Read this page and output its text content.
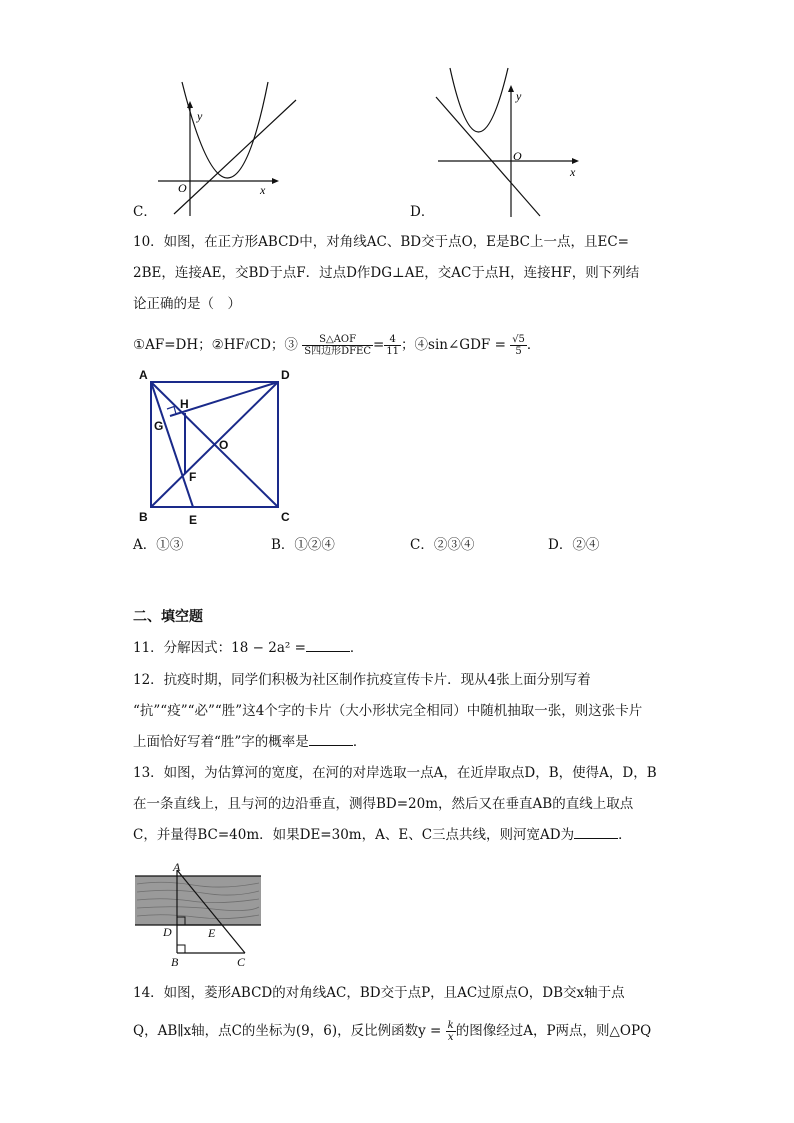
y
x
O
C．
y
x
O
D．
10．如图，在正方形ABCD中，对角线AC、BD交于点O，E是BC上一点，且EC=
2BE，连接AE，交BD于点F．过点D作DG⊥AE，交AC于点H，连接HF，则下列结
论正确的是（　）
①AF=DH；②HF⫽CD；③ $\frac{\text{S△AOF}}{\text{S四边形DFEC}} = \frac{4}{11}$ ；④sin∠GDF = $\frac{√5}{5}$ ．
A	D
B	C
E
F
G
H
O
A．①③	B．①②④	C．②③④	D．②④
二、填空题
11．分解因式：18 − 2a² =	．
12．抗疫时期，同学们积极为社区制作抗疫宣传卡片．现从4张上面分别写着
“抗”“疫”“必”“胜”这4个字的卡片（大小形状完全相同）中随机抽取一张，则这张卡片
上面恰好写着“胜”字的概率是	．
13．如图，为估算河的宽度，在河的对岸选取一点A，在近岸取点D，B，使得A，D，B
在一条直线上，且与河的边沿垂直，测得BD=20m，然后又在垂直AB的直线上取点
C，并量得BC=40m．如果DE=30m，A、E、C三点共线，则河宽AD为	．
A
D	E
B	C
14．如图，菱形ABCD的对角线AC，BD交于点P，且AC过原点O，DB交x轴于点
Q，AB∥x轴，点C的坐标为(9，6)，反比例函数$y = \frac{k}{x}$ 的图像经过A，P两点，则△OPQ
